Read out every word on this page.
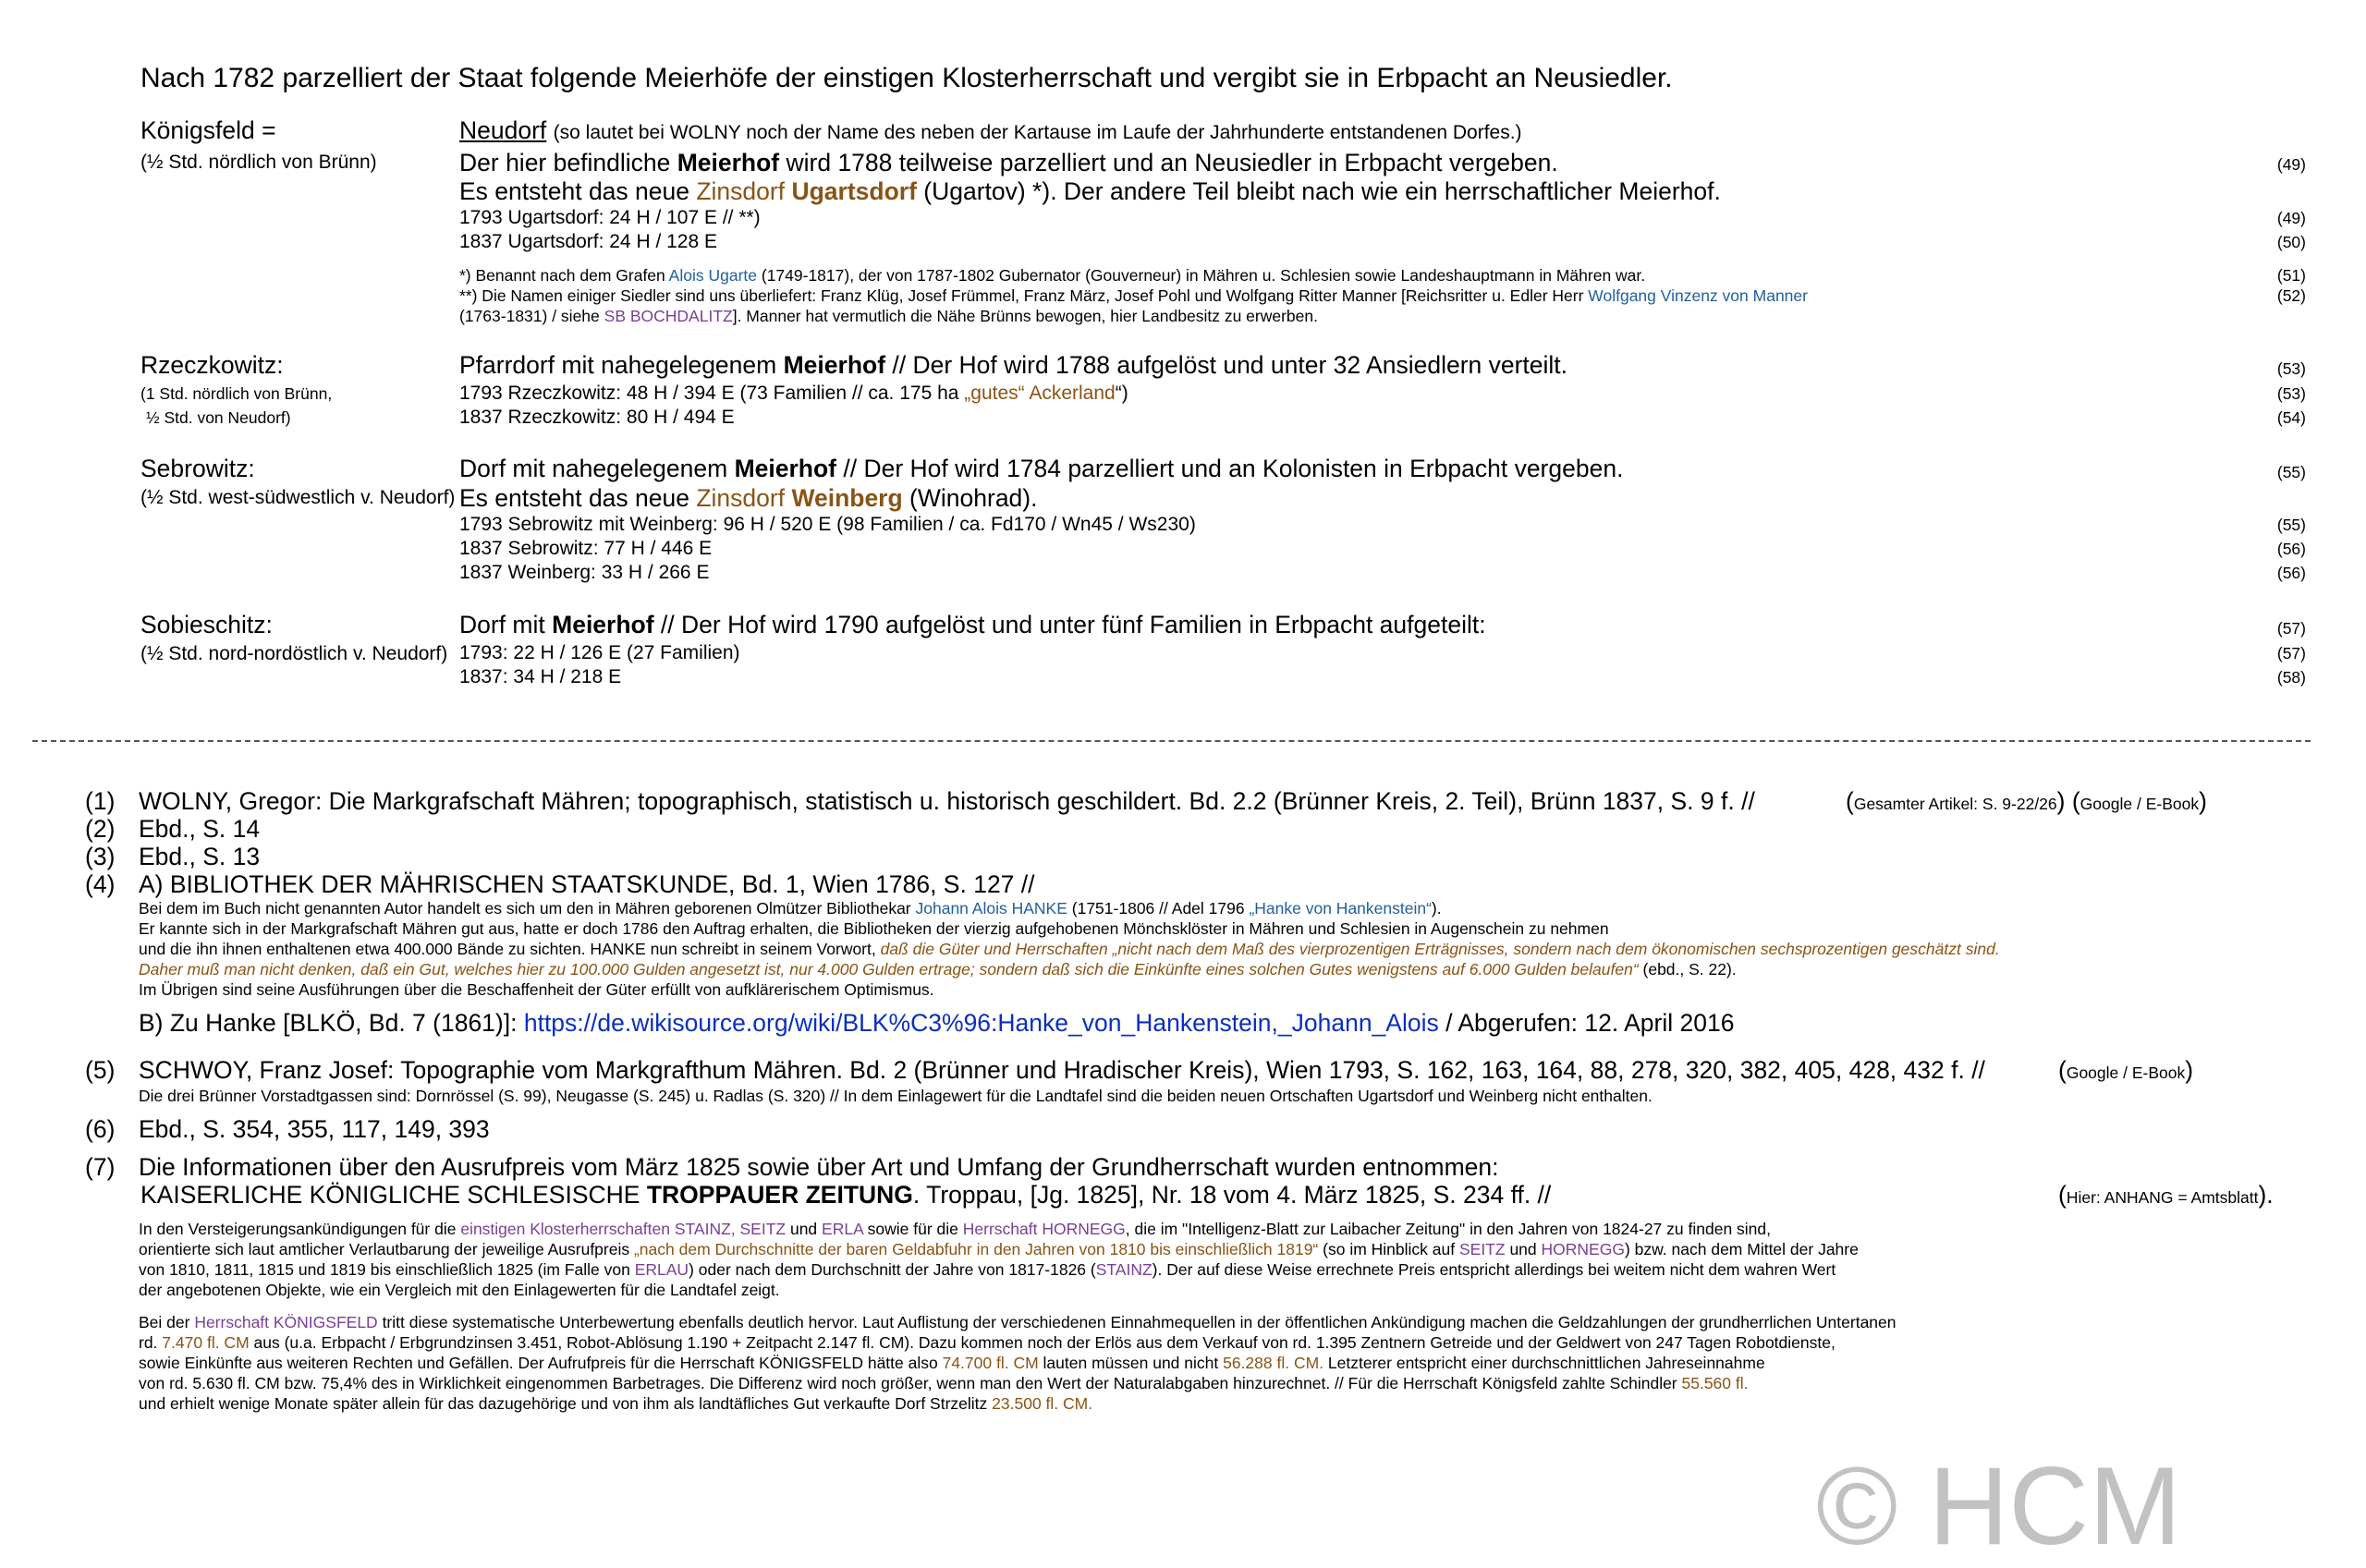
Nach 1782 parzelliert der Staat folgende Meierhöfe der einstigen Klosterherrschaft und vergibt sie in Erbpacht an Neusiedler.
Königsfeld =
(½ Std. nördlich von Brünn)
Neudorf (so lautet bei WOLNY noch der Name des neben der Kartause im Laufe der Jahrhunderte entstandenen Dorfes.)
Der hier befindliche Meierhof wird 1788 teilweise parzelliert und an Neusiedler in Erbpacht vergeben.	(49)
Es entsteht das neue Zinsdorf Ugartsdorf (Ugartov) *). Der andere Teil bleibt nach wie ein herrschaftlicher Meierhof.
1793 Ugartsdorf: 24 H / 107 E // **)	(49)
1837 Ugartsdorf: 24 H / 128 E	(50)
*) Benannt nach dem Grafen Alois Ugarte (1749-1817), der von 1787-1802 Gubernator (Gouverneur) in Mähren u. Schlesien sowie Landeshauptmann in Mähren war.	(51)
**) Die Namen einiger Siedler sind uns überliefert: Franz Klüg, Josef Frümmel, Franz März, Josef Pohl und Wolfgang Ritter Manner [Reichsritter u. Edler Herr Wolfgang Vinzenz von Manner	(52)
(1763-1831) / siehe SB BOCHDALITZ]. Manner hat vermutlich die Nähe Brünns bewogen, hier Landbesitz zu erwerben.
Rzeczkowitz:
(1 Std. nördlich von Brünn,
½ Std. von Neudorf)
Pfarrdorf mit nahegelegenem Meierhof // Der Hof wird 1788 aufgelöst und unter 32 Ansiedlern verteilt.	(53)
1793 Rzeczkowitz: 48 H / 394 E (73 Familien // ca. 175 ha „gutes“ Ackerland“)	(53)
1837 Rzeczkowitz: 80 H / 494 E	(54)
Sebrowitz:
(½ Std. west-südwestlich v. Neudorf)
Dorf mit nahegelegenem Meierhof // Der Hof wird 1784 parzelliert und an Kolonisten in Erbpacht vergeben.	(55)
Es entsteht das neue Zinsdorf Weinberg (Winohrad).
1793 Sebrowitz mit Weinberg: 96 H / 520 E (98 Familien / ca. Fd170 / Wn45 / Ws230)	(55)
1837 Sebrowitz: 77 H / 446 E	(56)
1837 Weinberg: 33 H / 266 E	(56)
Sobieschitz:
(½ Std. nord-nordöstlich v. Neudorf)
Dorf mit Meierhof // Der Hof wird 1790 aufgelöst und unter fünf Familien in Erbpacht aufgeteilt:	(57)
1793: 22 H / 126 E (27 Familien)	(57)
1837: 34 H / 218 E	(58)
(1) WOLNY, Gregor: Die Markgrafschaft Mähren; topographisch, statistisch u. historisch geschildert. Bd. 2.2 (Brünner Kreis, 2. Teil), Brünn 1837, S. 9 f. //	(Gesamter Artikel: S. 9-22/26) (Google / E-Book)
(2) Ebd., S. 14
(3) Ebd., S. 13
(4) A) BIBLIOTHEK DER MÄHRISCHEN STAATSKUNDE, Bd. 1, Wien 1786, S. 127 //
Bei dem im Buch nicht genannten Autor handelt es sich um den in Mähren geborenen Olmützer Bibliothekar Johann Alois HANKE (1751-1806 // Adel 1796 „Hanke von Hankenstein“).
Er kannte sich in der Markgrafschaft Mähren gut aus, hatte er doch 1786 den Auftrag erhalten, die Bibliotheken der vierzig aufgehobenen Mönchsklöster in Mähren und Schlesien in Augenschein zu nehmen
und die ihn ihnen enthaltenen etwa 400.000 Bände zu sichten. HANKE nun schreibt in seinem Vorwort, daß die Güter und Herrschaften „nicht nach dem Maß des vierprozentigen Erträgnisses, sondern nach dem ökonomischen sechsprozentigen geschätzt sind.
Daher muß man nicht denken, daß ein Gut, welches hier zu 100.000 Gulden angesetzt ist, nur 4.000 Gulden ertrage; sondern daß sich die Einkünfte eines solchen Gutes wenigstens auf 6.000 Gulden belaufen“ (ebd., S. 22).
Im Übrigen sind seine Ausführungen über die Beschaffenheit der Güter erfüllt von aufklärerischem Optimismus.
B) Zu Hanke [BLKÖ, Bd. 7 (1861)]: https://de.wikisource.org/wiki/BLK%C3%96:Hanke_von_Hankenstein,_Johann_Alois / Abgerufen: 12. April 2016
(5) SCHWOY, Franz Josef: Topographie vom Markgrafthum Mähren. Bd. 2 (Brünner und Hradischer Kreis), Wien 1793, S. 162, 163, 164, 88, 278, 320, 382, 405, 428, 432 f. //	(Google / E-Book)
Die drei Brünner Vorstadtgassen sind: Dornrössel (S. 99), Neugasse (S. 245) u. Radlas (S. 320) // In dem Einlagewert für die Landtafel sind die beiden neuen Ortschaften Ugartsdorf und Weinberg nicht enthalten.
(6) Ebd., S. 354, 355, 117, 149, 393
(7) Die Informationen über den Ausrufpreis vom März 1825 sowie über Art und Umfang der Grundherrschaft wurden entnommen:
KAISERLICHE KÖNIGLICHE SCHLESISCHE TROPPAUER ZEITUNG. Troppau, [Jg. 1825], Nr. 18 vom 4. März 1825, S. 234 ff. //	(Hier: ANHANG = Amtsblatt).
In den Versteigerungsankündigungen für die einstigen Klosterherrschaften STAINZ, SEITZ und ERLA sowie für die Herrschaft HORNEGG, die im "Intelligenz-Blatt zur Laibacher Zeitung" in den Jahren von 1824-27 zu finden sind,
orientierte sich laut amtlicher Verlautbarung der jeweilige Ausrufpreis „nach dem Durchschnitte der baren Geldabfuhr in den Jahren von 1810 bis einschließlich 1819“ (so im Hinblick auf SEITZ und HORNEGG) bzw. nach dem Mittel der Jahre
von 1810, 1811, 1815 und 1819 bis einschließlich 1825 (im Falle von ERLAU) oder nach dem Durchschnitt der Jahre von 1817-1826 (STAINZ). Der auf diese Weise errechnete Preis entspricht allerdings bei weitem nicht dem wahren Wert
der angebotenen Objekte, wie ein Vergleich mit den Einlagewerten für die Landtafel zeigt.
Bei der Herrschaft KÖNIGSFELD tritt diese systematische Unterbewertung ebenfalls deutlich hervor. Laut Auflistung der verschiedenen Einnahmequellen in der öffentlichen Ankündigung machen die Geldzahlungen der grundherrlichen Untertanen
rd. 7.470 fl. CM aus (u.a. Erbpacht / Erbgrundzinsen 3.451, Robot-Ablösung 1.190 + Zeitpacht 2.147 fl. CM). Dazu kommen noch der Erlös aus dem Verkauf von rd. 1.395 Zentnern Getreide und der Geldwert von 247 Tagen Robotdienste,
sowie Einkünfte aus weiteren Rechten und Gefällen. Der Aufrufpreis für die Herrschaft KÖNIGSFELD hätte also 74.700 fl. CM lauten müssen und nicht 56.288 fl. CM. Letzterer entspricht einer durchschnittlichen Jahreseinnahme
von rd. 5.630 fl. CM bzw. 75,4% des in Wirklichkeit eingenommen Barbetrages. Die Differenz wird noch größer, wenn man den Wert der Naturalabgaben hinzurechnet. // Für die Herrschaft Königsfeld zahlte Schindler 55.560 fl.
und erhielt wenige Monate später allein für das dazugehörige und von ihm als landtäfliches Gut verkaufte Dorf Strzelitz 23.500 fl. CM.
© HCM
